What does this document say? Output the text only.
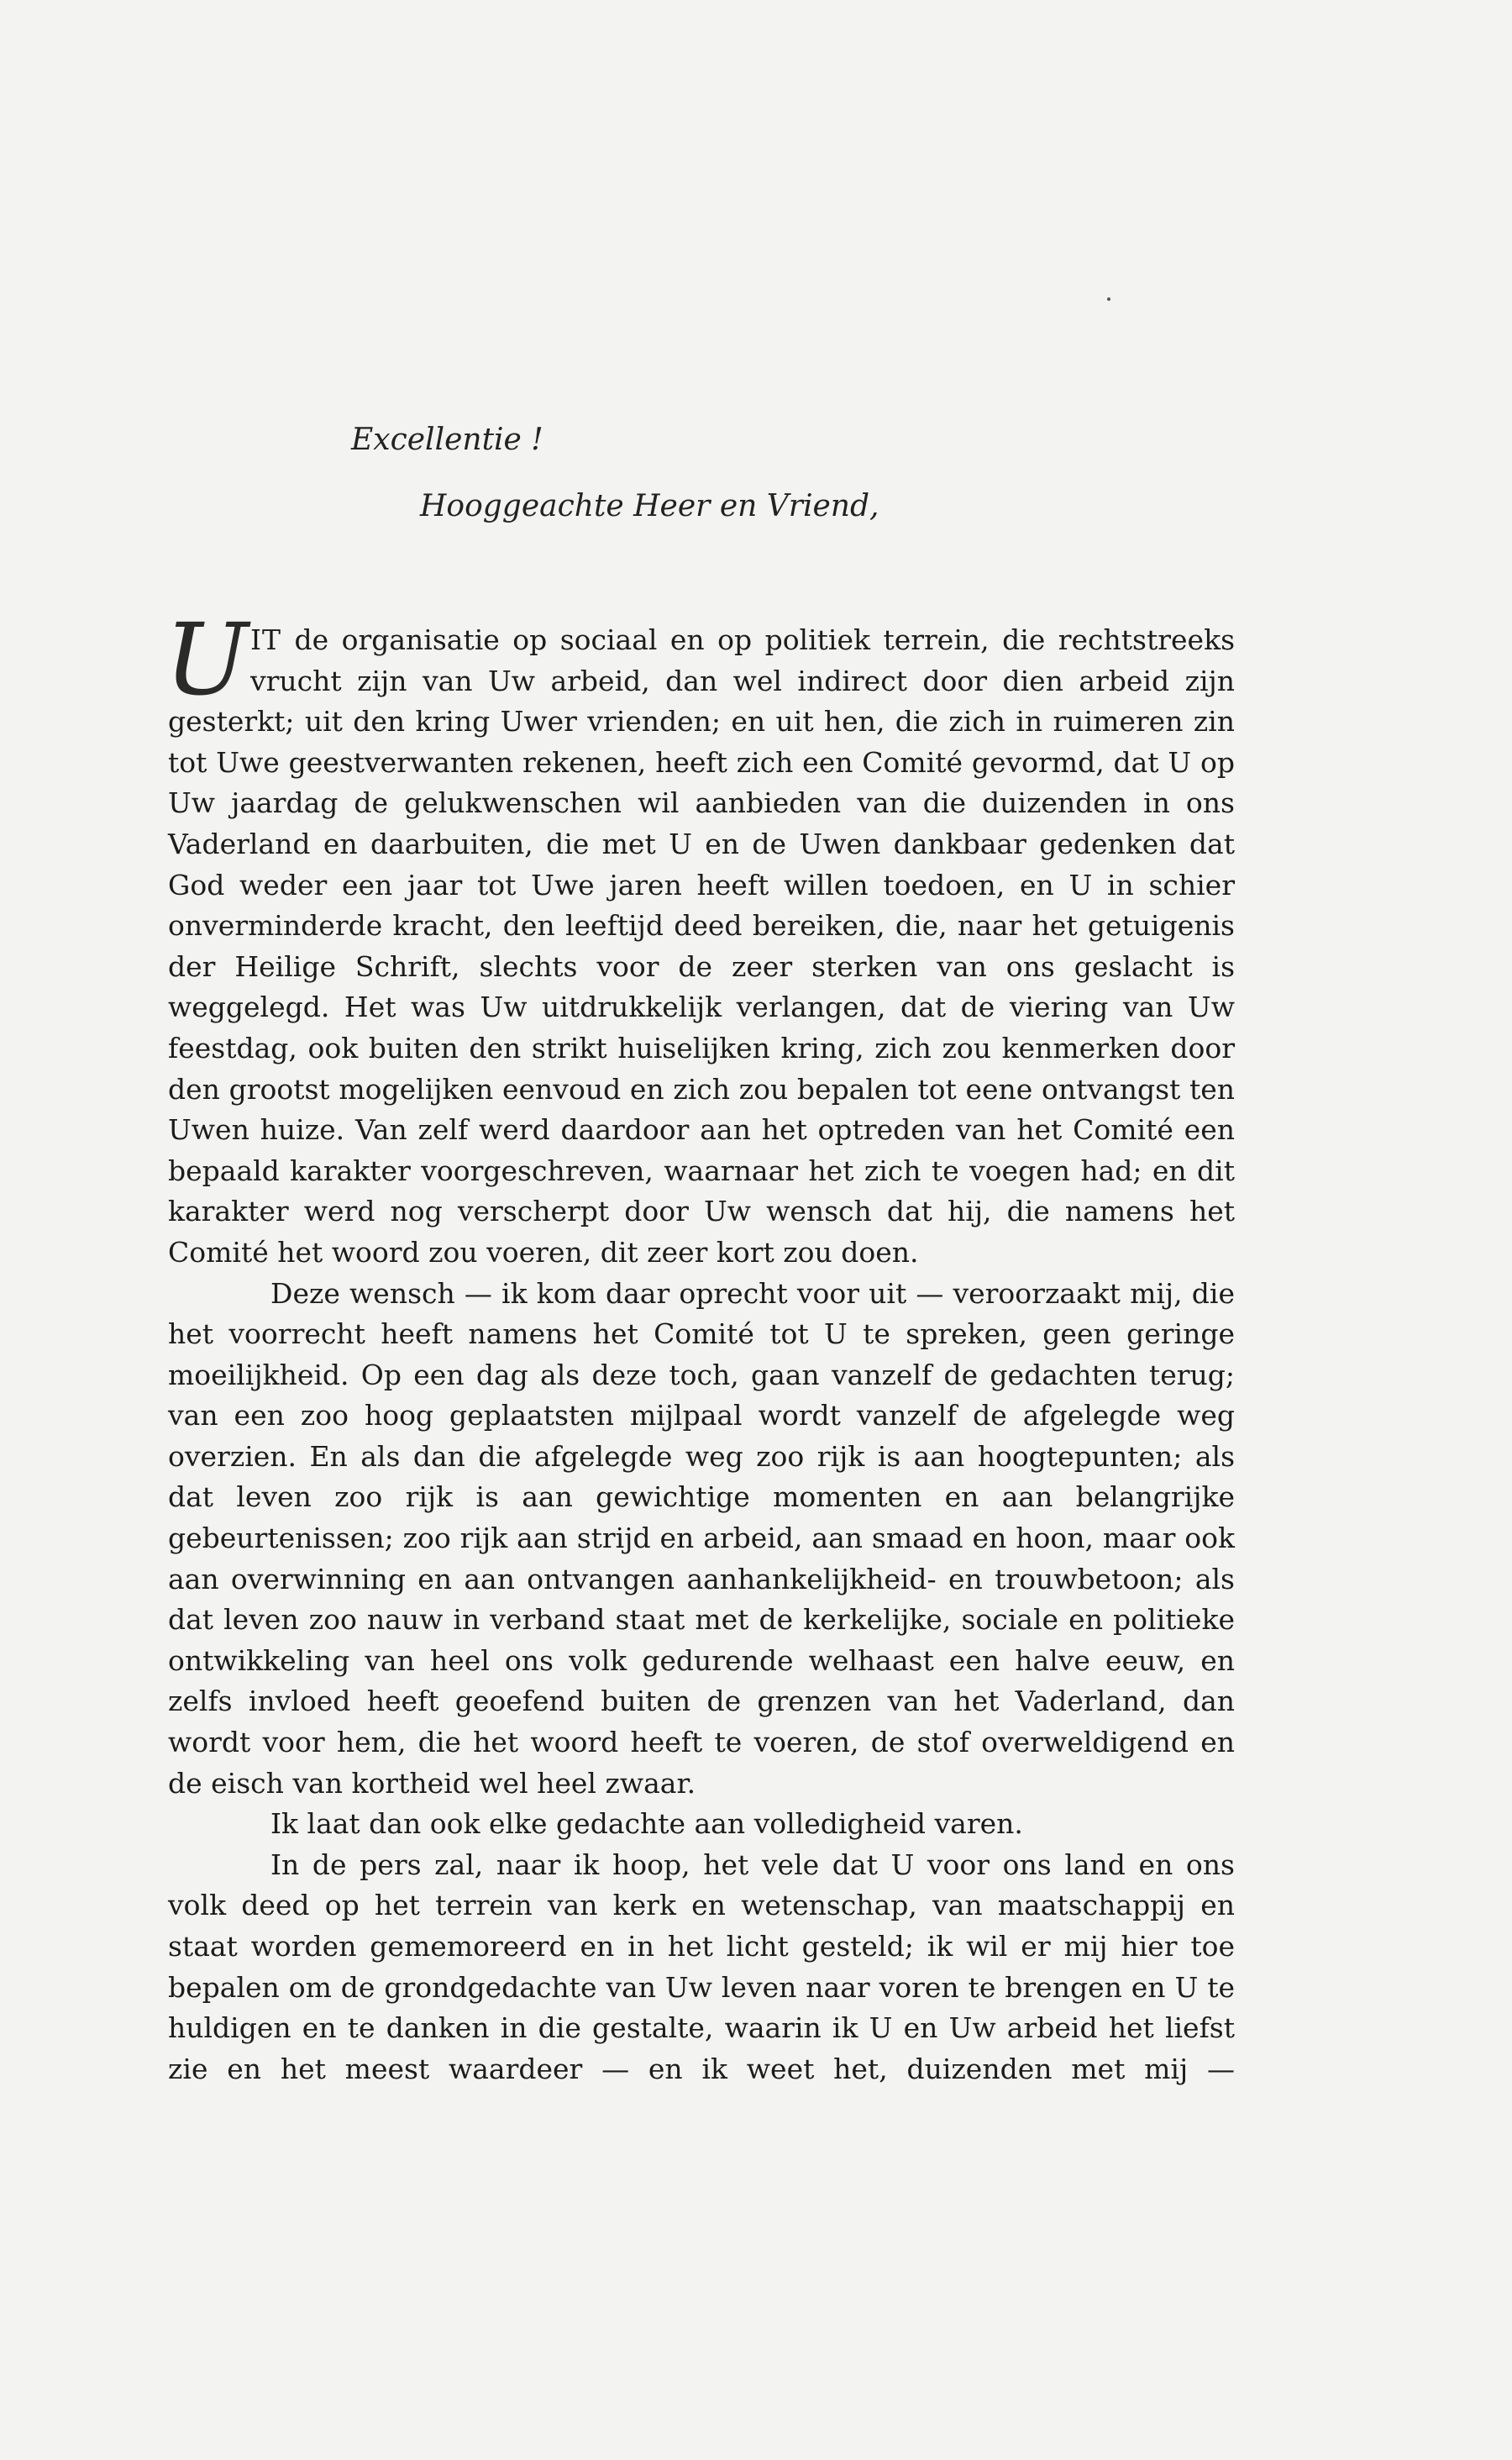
Excellentie !
Hooggeachte Heer en Vriend,
U IT de organisatie op sociaal en op politiek terrein, die rechtstreeks
vrucht zijn van Uw arbeid, dan wel indirect door dien arbeid zijn

gesterkt; uit den kring Uwer vrienden; en uit hen, die zich in ruimeren zin tot Uwe geestverwanten rekenen, heeft zich een Comité gevormd, dat U op Uw jaardag de gelukwenschen wil aanbieden van die duizenden in ons Vaderland en daarbuiten, die met U en de Uwen dankbaar gedenken dat God weder een jaar tot Uwe jaren heeft willen toedoen, en U in schier onverminderde kracht, den leeftijd deed bereiken, die, naar het getuigenis der Heilige Schrift, slechts voor de zeer sterken van ons geslacht is weggelegd. Het was Uw uitdrukkelijk verlangen, dat de viering van Uw feestdag, ook buiten den strikt huiselijken kring, zich zou kenmerken door den grootst mogelijken eenvoud en zich zou bepalen tot eene ontvangst ten Uwen huize. Van zelf werd daardoor aan het optreden van het Comité een bepaald karakter voorgeschreven, waarnaar het zich te voegen had; en dit karakter werd nog verscherpt door Uw wensch dat hij, die namens het Comité het woord zou voeren, dit zeer kort zou doen.

Deze wensch — ik kom daar oprecht voor uit — veroorzaakt mij, die het voorrecht heeft namens het Comité tot U te spreken, geen geringe moeilijkheid. Op een dag als deze toch, gaan vanzelf de gedachten terug; van een zoo hoog geplaatsten mijlpaal wordt vanzelf de afgelegde weg overzien. En als dan die afgelegde weg zoo rijk is aan hoogtepunten; als dat leven zoo rijk is aan gewichtige momenten en aan belangrijke gebeurtenissen; zoo rijk aan strijd en arbeid, aan smaad en hoon, maar ook aan overwinning en aan ontvangen aanhankelijkheid- en trouwbetoon; als dat leven zoo nauw in verband staat met de kerkelijke, sociale en politieke ontwikkeling van heel ons volk gedurende welhaast een halve eeuw, en zelfs invloed heeft geoefend buiten de grenzen van het Vaderland, dan wordt voor hem, die het woord heeft te voeren, de stof overweldigend en de eisch van kortheid wel heel zwaar.

Ik laat dan ook elke gedachte aan volledigheid varen.

In de pers zal, naar ik hoop, het vele dat U voor ons land en ons volk deed op het terrein van kerk en wetenschap, van maatschappij en staat worden gememoreerd en in het licht gesteld; ik wil er mij hier toe bepalen om de grondgedachte van Uw leven naar voren te brengen en U te huldigen en te danken in die gestalte, waarin ik U en Uw arbeid het liefst zie en het meest waardeer — en ik weet het, duizenden met mij —
